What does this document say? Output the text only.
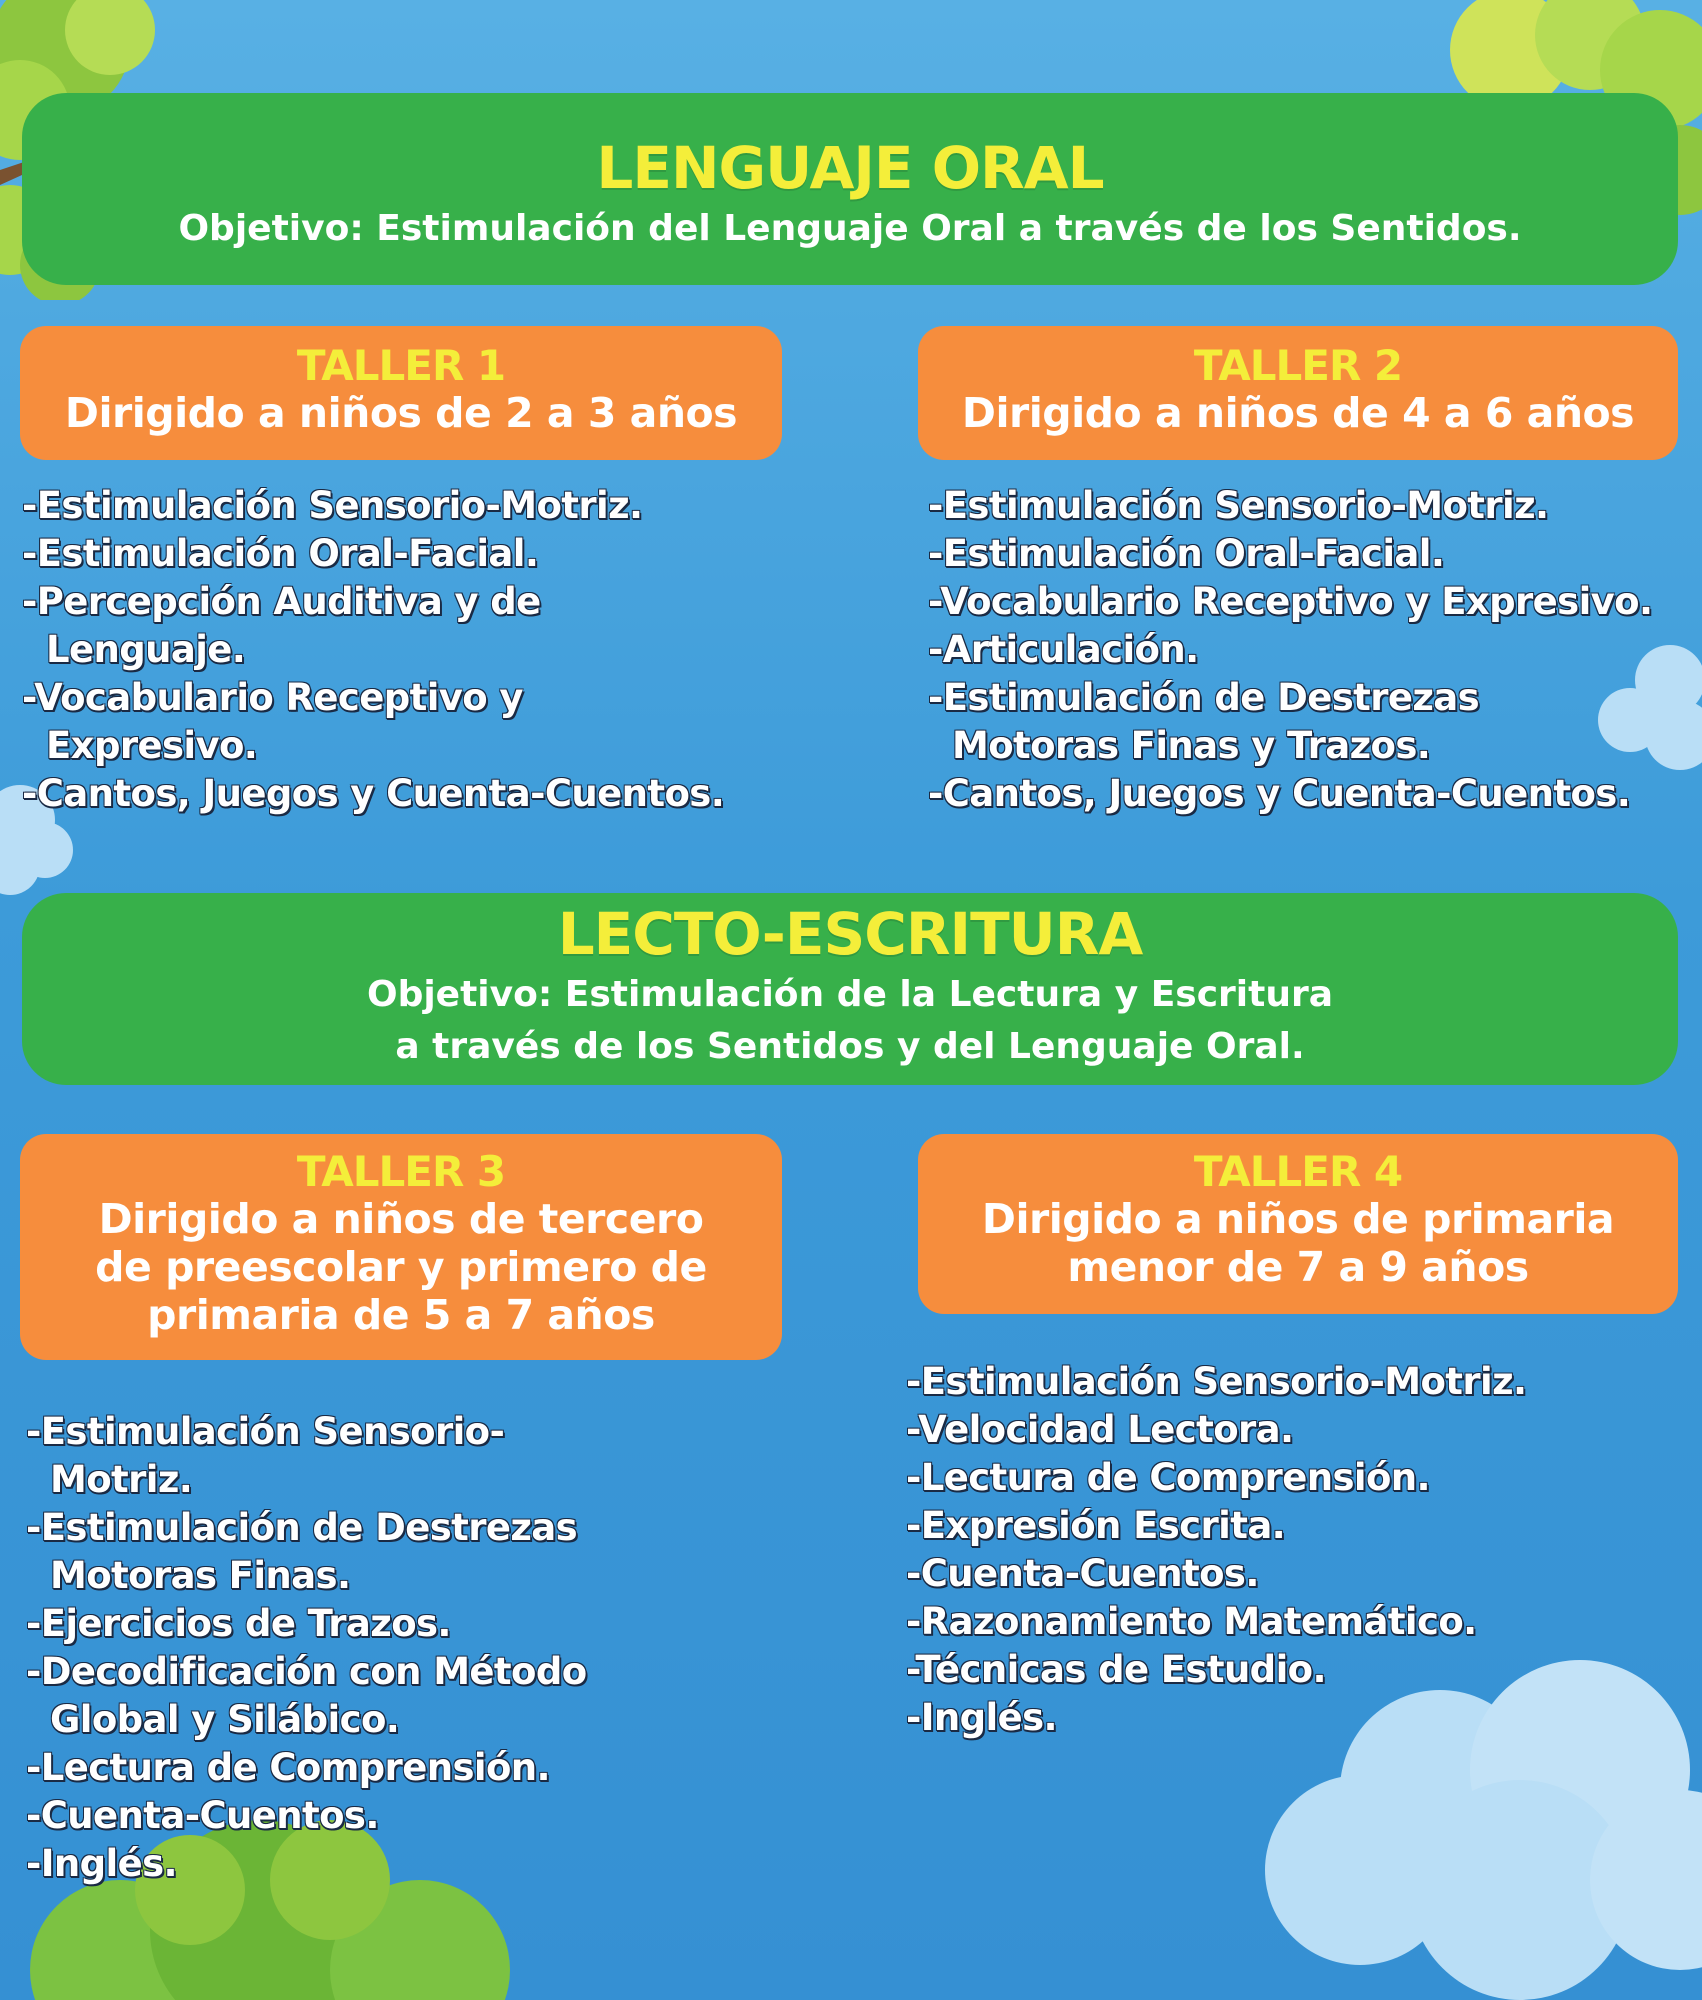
LENGUAJE ORAL
Objetivo: Estimulación del Lenguaje Oral a través de los Sentidos.
TALLER 1
Dirigido a niños de 2 a 3 años
-Estimulación Sensorio-Motriz.
-Estimulación Oral-Facial.
-Percepción Auditiva y de Lenguaje.
-Vocabulario Receptivo y Expresivo.
-Cantos, Juegos y Cuenta-Cuentos.
TALLER 2
Dirigido a niños de 4 a 6 años
-Estimulación Sensorio-Motriz.
-Estimulación Oral-Facial.
-Vocabulario Receptivo y Expresivo.
-Articulación.
-Estimulación de Destrezas Motoras Finas y Trazos.
-Cantos, Juegos y Cuenta-Cuentos.
LECTO-ESCRITURA
Objetivo: Estimulación de la Lectura y Escritura
a través de los Sentidos y del Lenguaje Oral.
TALLER 3
Dirigido a niños de tercero de preescolar y primero de primaria de 5 a 7 años
-Estimulación Sensorio-Motriz.
-Estimulación de Destrezas Motoras Finas.
-Ejercicios de Trazos.
-Decodificación con Método Global y Silábico.
-Lectura de Comprensión.
-Cuenta-Cuentos.
-Inglés.
TALLER 4
Dirigido a niños de primaria menor de 7 a 9 años
-Estimulación Sensorio-Motriz.
-Velocidad Lectora.
-Lectura de Comprensión.
-Expresión Escrita.
-Cuenta-Cuentos.
-Razonamiento Matemático.
-Técnicas de Estudio.
-Inglés.
